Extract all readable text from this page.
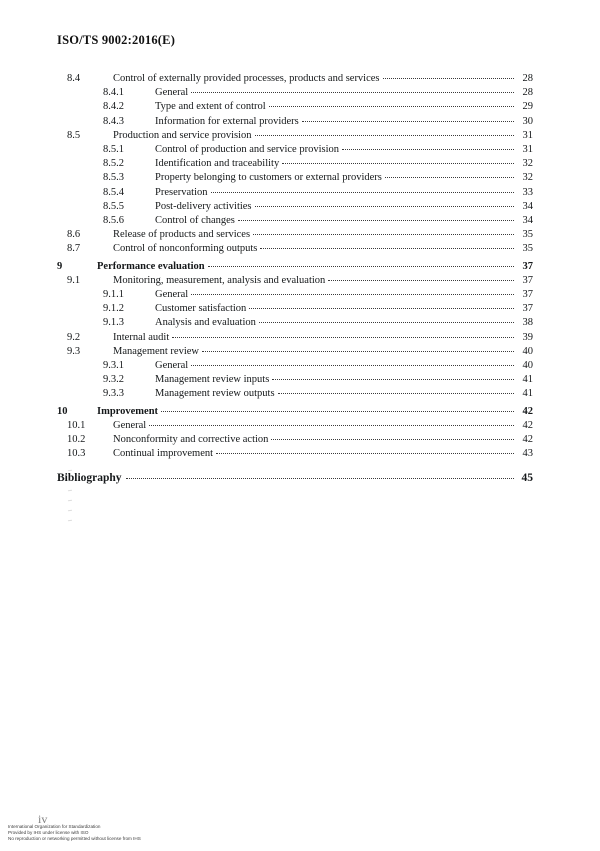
ISO/TS 9002:2016(E)
8.4	Control of externally provided processes, products and services	28
8.4.1	General	28
8.4.2	Type and extent of control	29
8.4.3	Information for external providers	30
8.5	Production and service provision	31
8.5.1	Control of production and service provision	31
8.5.2	Identification and traceability	32
8.5.3	Property belonging to customers or external providers	32
8.5.4	Preservation	33
8.5.5	Post-delivery activities	34
8.5.6	Control of changes	34
8.6	Release of products and services	35
8.7	Control of nonconforming outputs	35
9	Performance evaluation	37
9.1	Monitoring, measurement, analysis and evaluation	37
9.1.1	General	37
9.1.2	Customer satisfaction	37
9.1.3	Analysis and evaluation	38
9.2	Internal audit	39
9.3	Management review	40
9.3.1	General	40
9.3.2	Management review inputs	41
9.3.3	Management review outputs	41
10	Improvement	42
10.1	General	42
10.2	Nonconformity and corrective action	42
10.3	Continual improvement	43
Bibliography	45
iv
International Organization for Standardization
Provided by IHS under license with ISO
No reproduction or networking permitted without license from IHS
